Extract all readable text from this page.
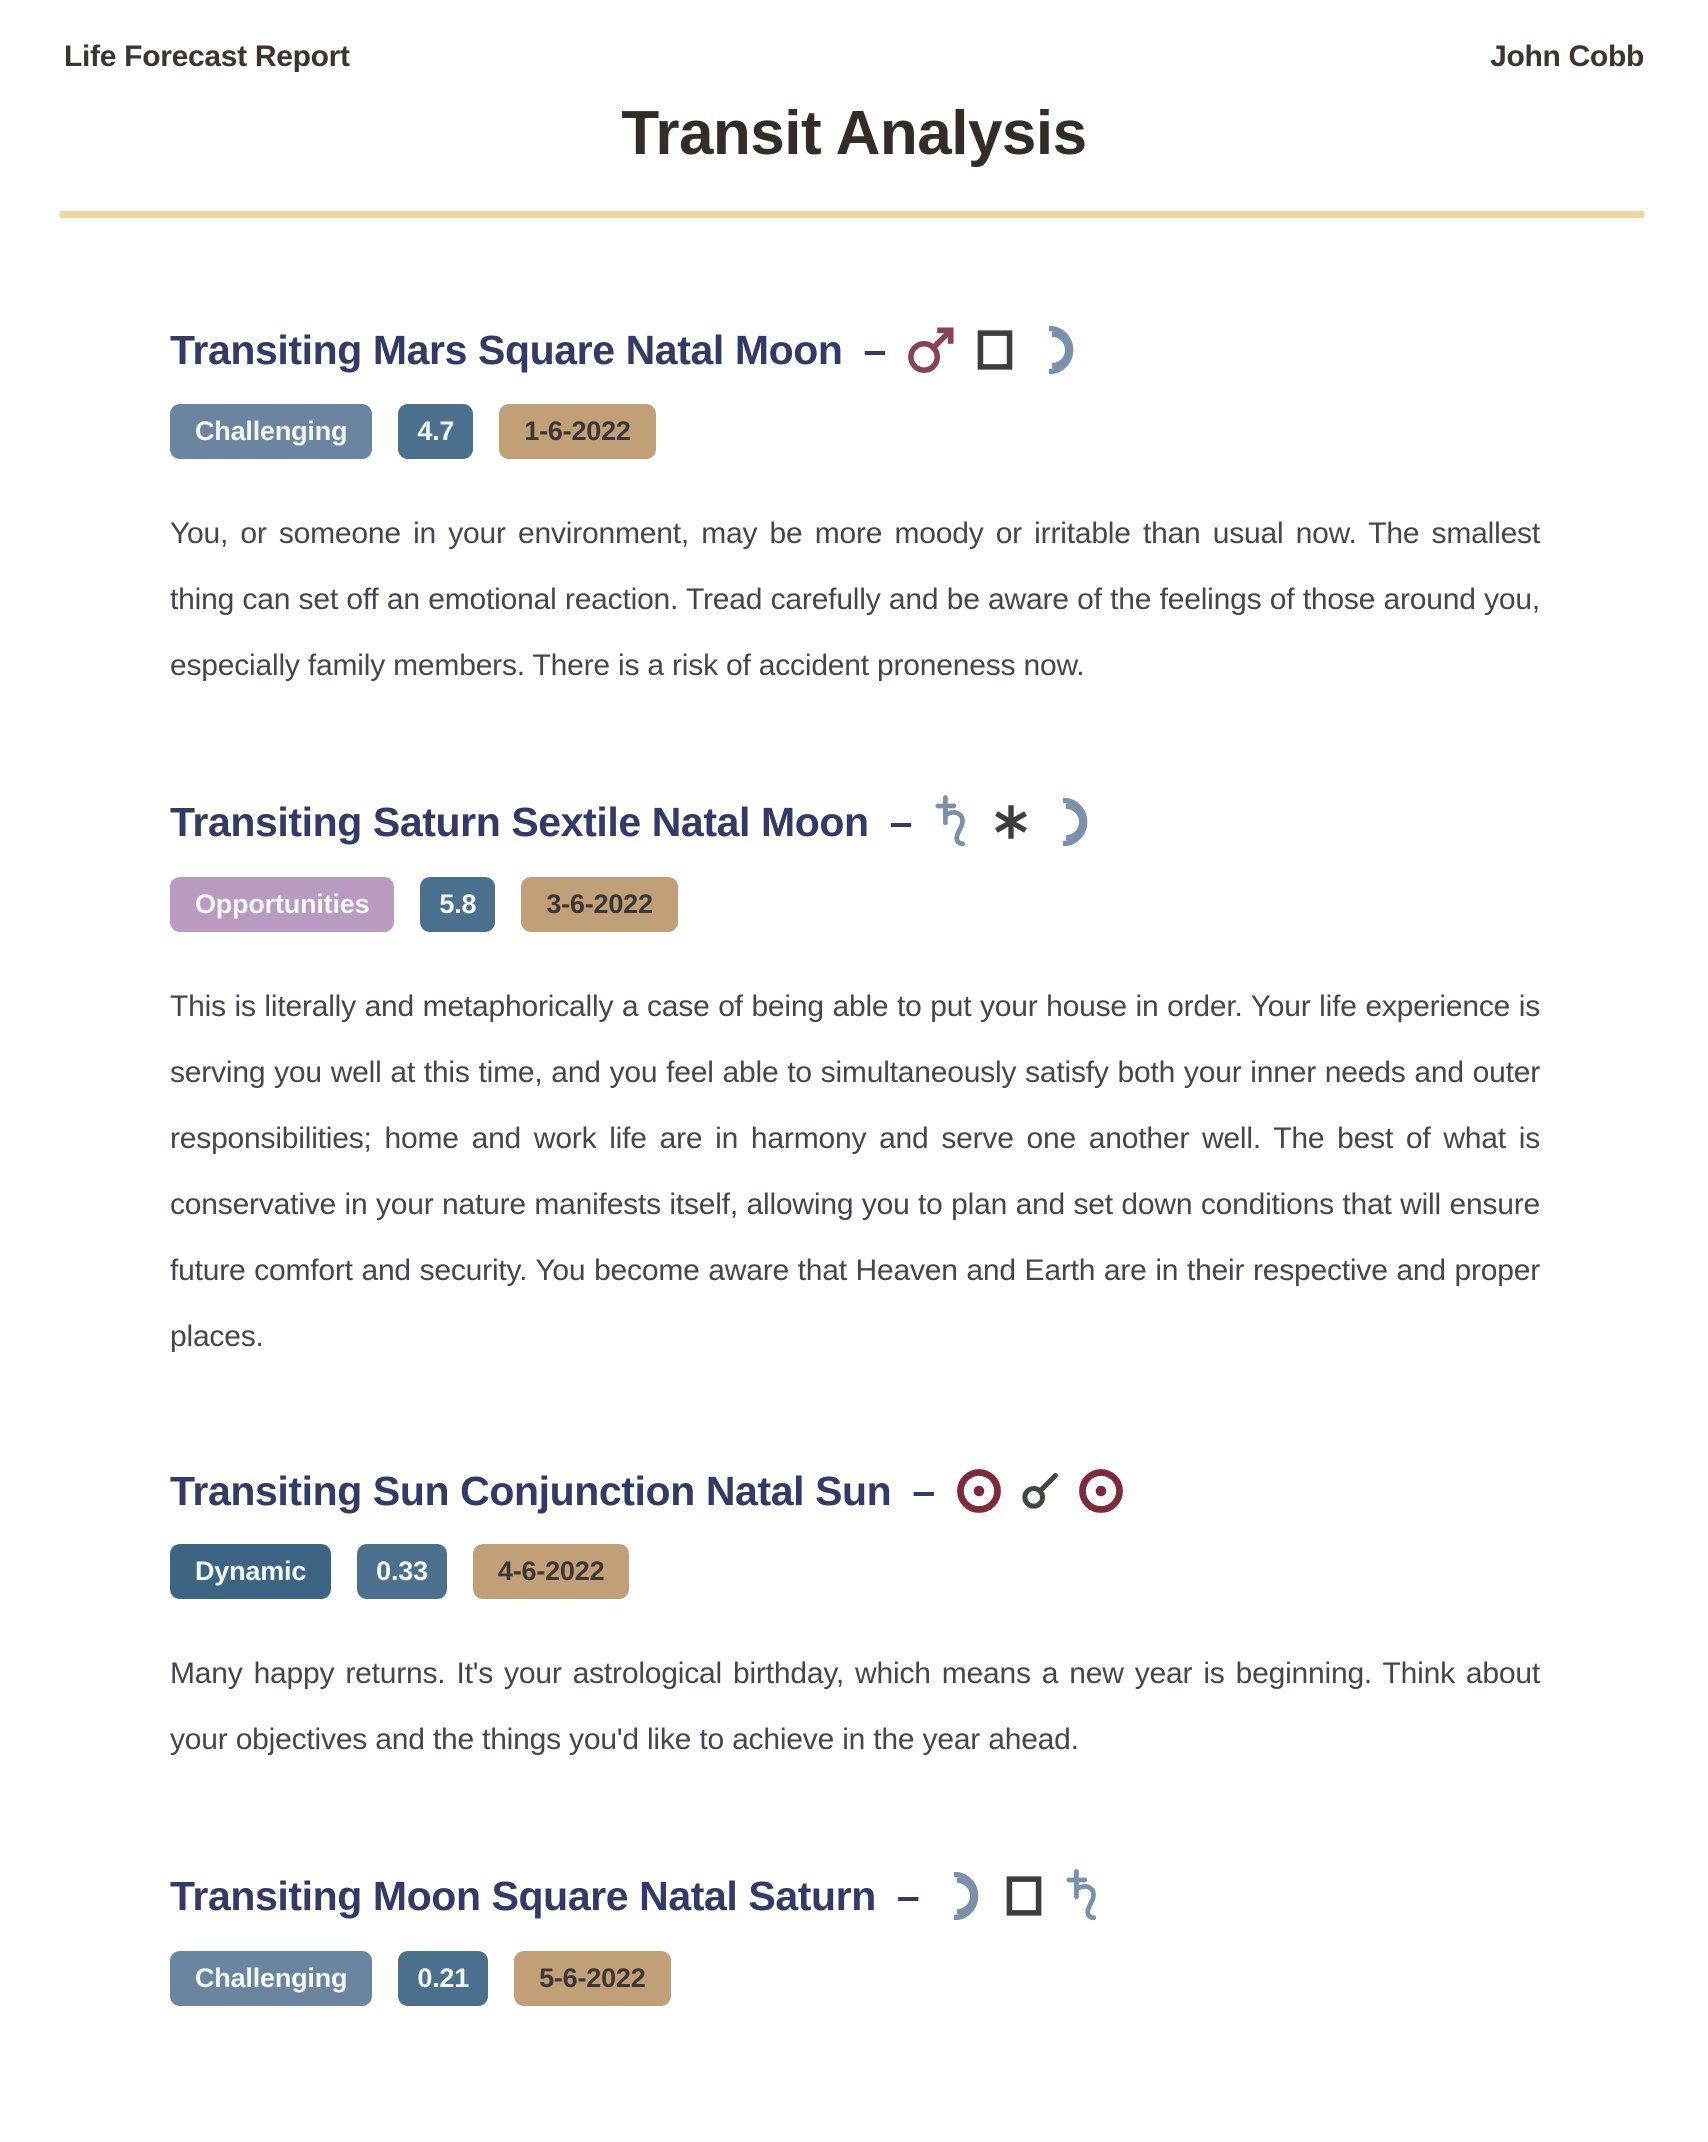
Life Forecast Report	John Cobb
Transit Analysis
Transiting Mars Square Natal Moon –
Challenging	4.7	1-6-2022

You, or someone in your environment, may be more moody or irritable than usual now. The smallest thing can set off an emotional reaction. Tread carefully and be aware of the feelings of those around you, especially family members. There is a risk of accident proneness now.

Transiting Saturn Sextile Natal Moon –
Opportunities	5.8	3-6-2022

This is literally and metaphorically a case of being able to put your house in order. Your life experience is serving you well at this time, and you feel able to simultaneously satisfy both your inner needs and outer responsibilities; home and work life are in harmony and serve one another well. The best of what is conservative in your nature manifests itself, allowing you to plan and set down conditions that will ensure future comfort and security. You become aware that Heaven and Earth are in their respective and proper places.

Transiting Sun Conjunction Natal Sun –
Dynamic	0.33	4-6-2022

Many happy returns. It's your astrological birthday, which means a new year is beginning. Think about your objectives and the things you'd like to achieve in the year ahead.

Transiting Moon Square Natal Saturn –
Challenging	0.21	5-6-2022
